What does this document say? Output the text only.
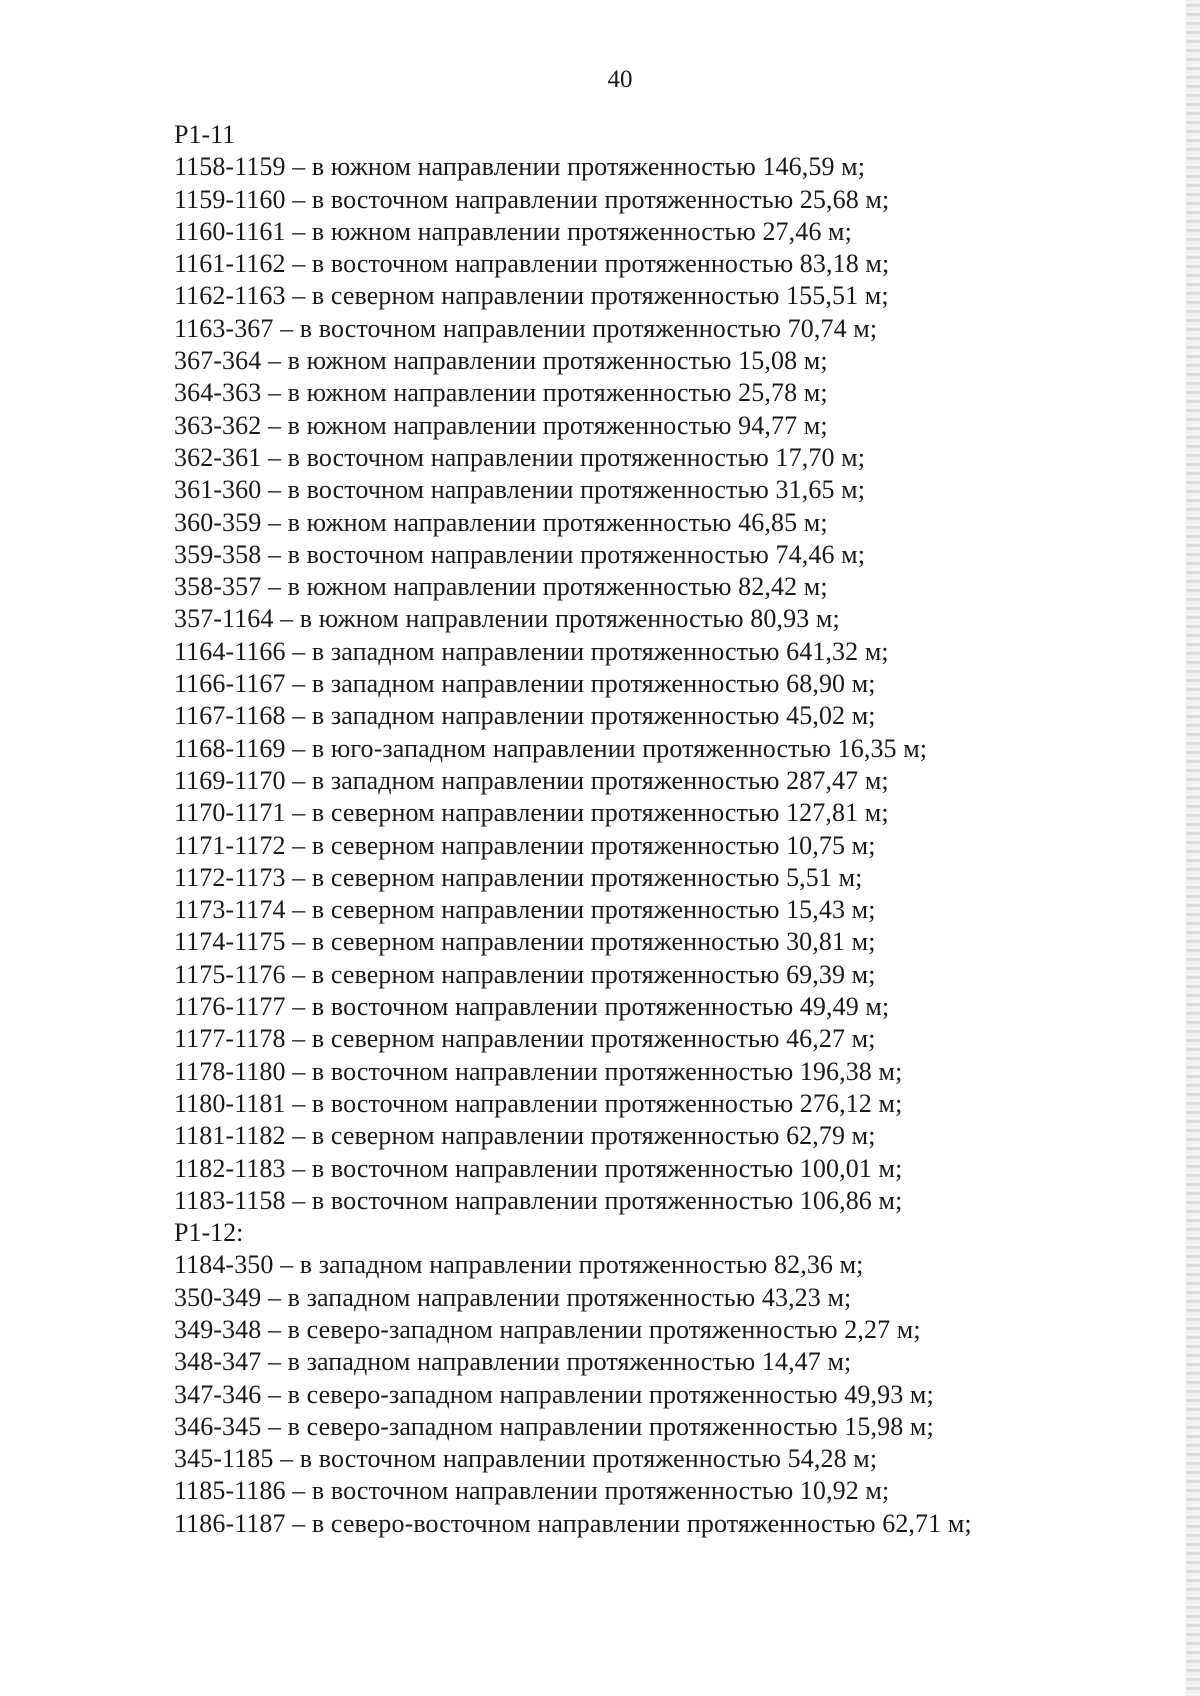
40
Р1-11
1158-1159 – в южном направлении протяженностью 146,59 м;
1159-1160 – в восточном направлении протяженностью 25,68 м;
1160-1161 – в южном направлении протяженностью 27,46 м;
1161-1162 – в восточном направлении протяженностью 83,18 м;
1162-1163 – в северном направлении протяженностью 155,51 м;
1163-367 – в восточном направлении протяженностью 70,74 м;
367-364 – в южном направлении протяженностью 15,08 м;
364-363 – в южном направлении протяженностью 25,78 м;
363-362 – в южном направлении протяженностью 94,77 м;
362-361 – в восточном направлении протяженностью 17,70 м;
361-360 – в восточном направлении протяженностью 31,65 м;
360-359 – в южном направлении протяженностью 46,85 м;
359-358 – в восточном направлении протяженностью 74,46 м;
358-357 – в южном направлении протяженностью 82,42 м;
357-1164 – в южном направлении протяженностью 80,93 м;
1164-1166 – в западном направлении протяженностью 641,32 м;
1166-1167 – в западном направлении протяженностью 68,90 м;
1167-1168 – в западном направлении протяженностью 45,02 м;
1168-1169 – в юго-западном направлении протяженностью 16,35 м;
1169-1170 – в западном направлении протяженностью 287,47 м;
1170-1171 – в северном направлении протяженностью 127,81 м;
1171-1172 – в северном направлении протяженностью 10,75 м;
1172-1173 – в северном направлении протяженностью 5,51 м;
1173-1174 – в северном направлении протяженностью 15,43 м;
1174-1175 – в северном направлении протяженностью 30,81 м;
1175-1176 – в северном направлении протяженностью 69,39 м;
1176-1177 – в восточном направлении протяженностью 49,49 м;
1177-1178 – в северном направлении протяженностью 46,27 м;
1178-1180 – в восточном направлении протяженностью 196,38 м;
1180-1181 – в восточном направлении протяженностью 276,12 м;
1181-1182 – в северном направлении протяженностью 62,79 м;
1182-1183 – в восточном направлении протяженностью 100,01 м;
1183-1158 – в восточном направлении протяженностью 106,86 м;
Р1-12:
1184-350 – в западном направлении протяженностью 82,36 м;
350-349 – в западном направлении протяженностью 43,23 м;
349-348 – в северо-западном направлении протяженностью 2,27 м;
348-347 – в западном направлении протяженностью 14,47 м;
347-346 – в северо-западном направлении протяженностью 49,93 м;
346-345 – в северо-западном направлении протяженностью 15,98 м;
345-1185 – в восточном направлении протяженностью 54,28 м;
1185-1186 – в восточном направлении протяженностью 10,92 м;
1186-1187 – в северо-восточном направлении протяженностью 62,71 м;
